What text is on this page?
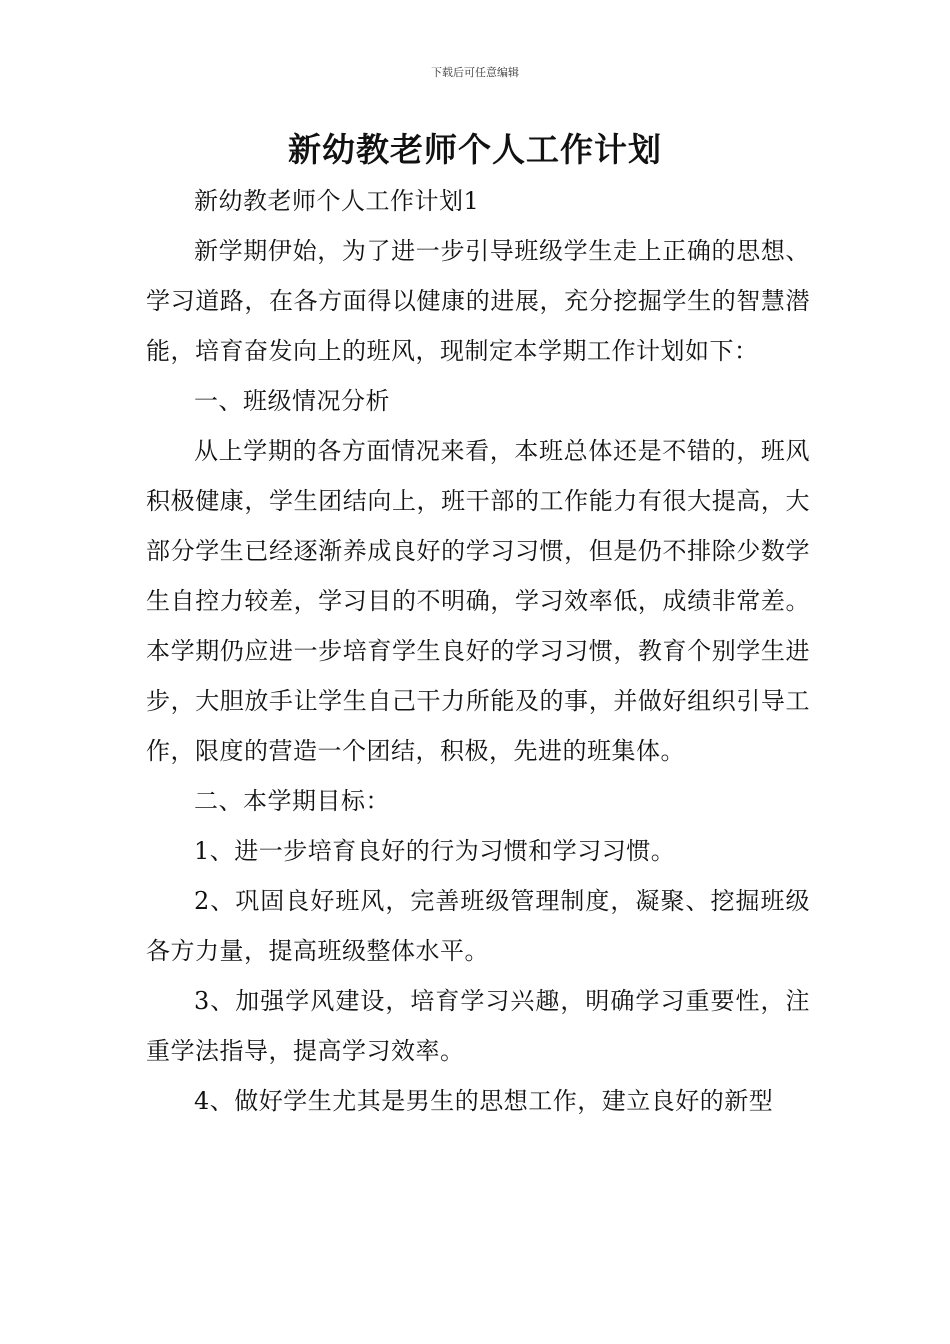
下载后可任意编辑
新幼教老师个人工作计划

新幼教老师个人工作计划1

新学期伊始，为了进一步引导班级学生走上正确的思想、学习道路，在各方面得以健康的进展，充分挖掘学生的智慧潜能，培育奋发向上的班风，现制定本学期工作计划如下：

一、班级情况分析

从上学期的各方面情况来看，本班总体还是不错的，班风积极健康，学生团结向上，班干部的工作能力有很大提高，大部分学生已经逐渐养成良好的学习习惯，但是仍不排除少数学生自控力较差，学习目的不明确，学习效率低，成绩非常差。本学期仍应进一步培育学生良好的学习习惯，教育个别学生进步，大胆放手让学生自己干力所能及的事，并做好组织引导工作，限度的营造一个团结，积极，先进的班集体。

二、本学期目标：

1、进一步培育良好的行为习惯和学习习惯。

2、巩固良好班风，完善班级管理制度，凝聚、挖掘班级各方力量，提高班级整体水平。

3、加强学风建设，培育学习兴趣，明确学习重要性，注重学法指导，提高学习效率。

4、做好学生尤其是男生的思想工作，建立良好的新型
